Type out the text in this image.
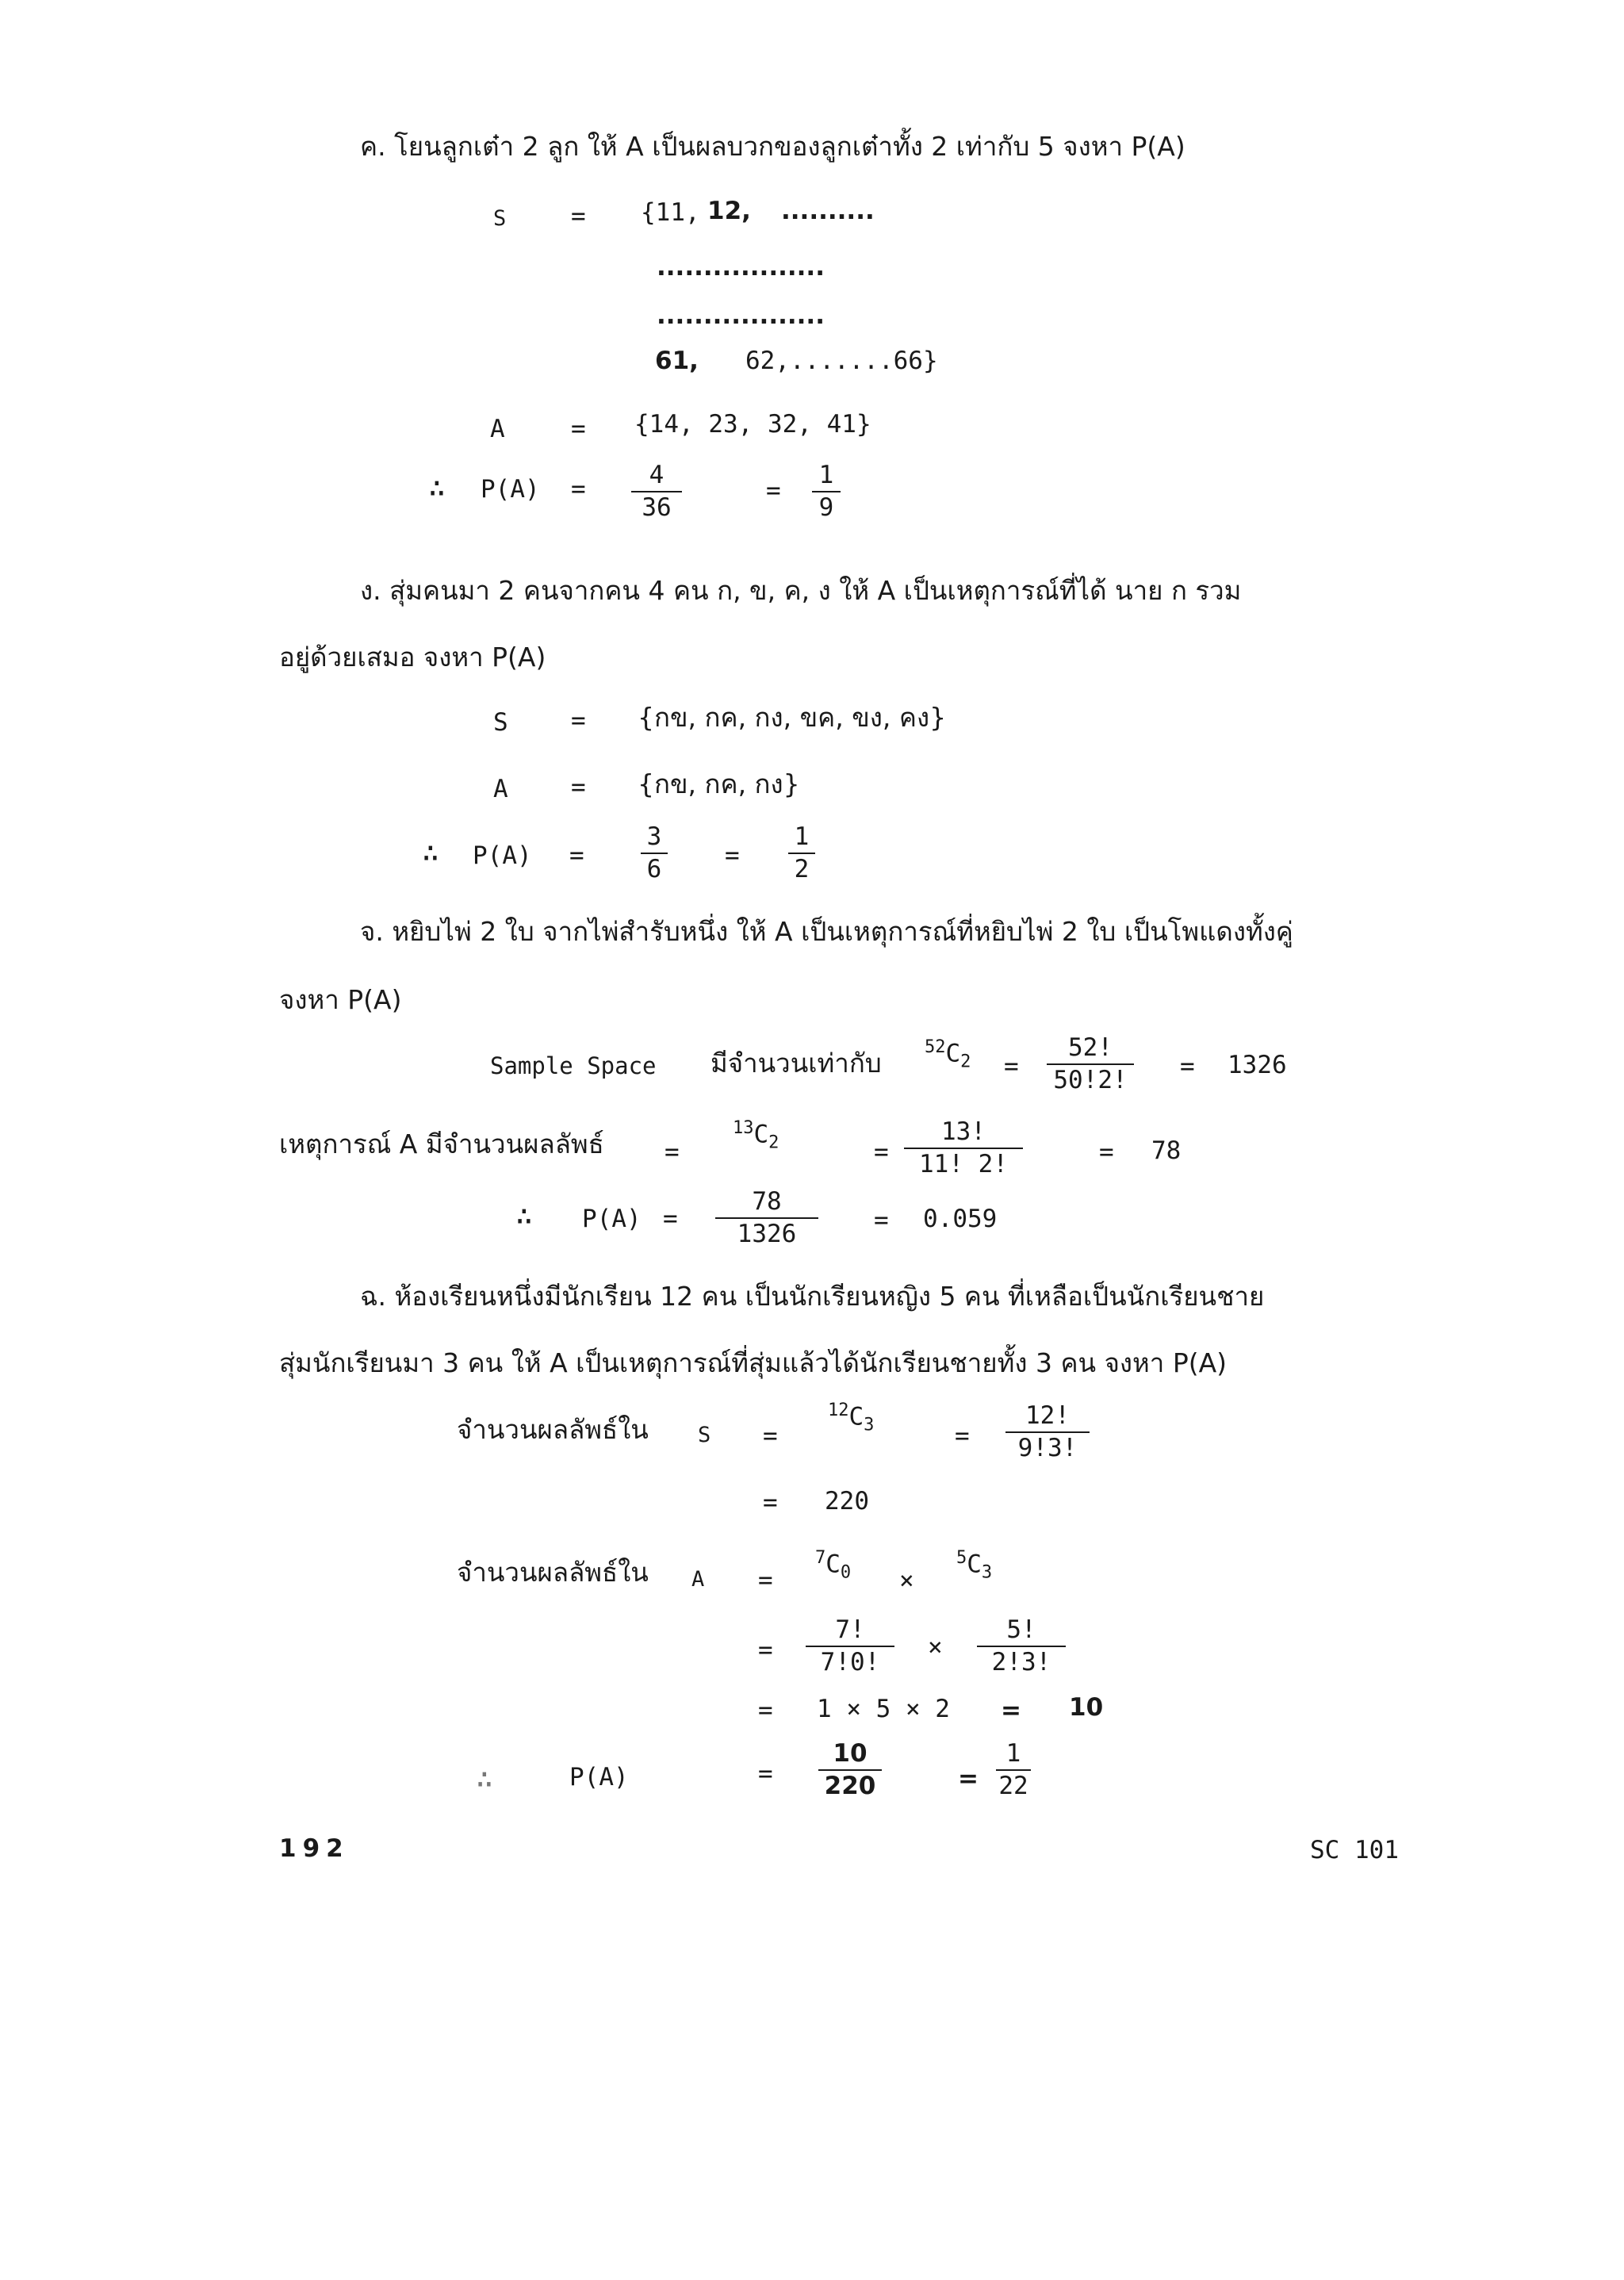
ค. โยนลูกเต๋า 2 ลูก ให้ A เป็นผลบวกของลูกเต๋าทั้ง 2 เท่ากับ 5 จงหา P(A)
S	= {11, 12, ..........
..................
..................
61, 62,.......66}
A	= {14, 23, 32, 41}
∴ $P(A) = \frac{4}{36}$	= $\frac{1}{9}$
ง. สุ่มคนมา 2 คนจากคน 4 คน ก, ข, ค, ง ให้ A เป็นเหตุการณ์ที่ได้ นาย ก รวม
อยู่ด้วยเสมอ จงหา P(A)
S	= {กข, กค, กง, ขค, ขง, คง}
A	= {กข, กค, กง}
∴ $P(A) = \frac{3}{6} = \frac{1}{2}$
จ. หยิบไพ่ 2 ใบ จากไพ่สำรับหนึ่ง ให้ A เป็นเหตุการณ์ที่หยิบไพ่ 2 ใบ เป็นโพแดงทั้งคู่
จงหา P(A)
Sample Space มีจำนวนเท่ากับ
$^{52}C_2 = \frac{52!}{50!2!} = 1326$
เหตุการณ์ A มีจำนวนผลลัพธ์ =
$^{13}C_2$	= $\frac{13!}{11! 2!}$	= 78
∴ $P(A) = \frac{78}{1326} = 0.059$
ฉ. ห้องเรียนหนึ่งมีนักเรียน 12 คน เป็นนักเรียนหญิง 5 คน ที่เหลือเป็นนักเรียนชาย
สุ่มนักเรียนมา 3 คน ให้ A เป็นเหตุการณ์ที่สุ่มแล้วได้นักเรียนชายทั้ง 3 คน จงหา P(A)
จำนวนผลลัพธ์ใน S =
$^{12}C_3$	= $\frac{12!}{9!3!}$
= 220
จำนวนผลลัพธ์ใน A =
$^7C_0$ ×
$^5C_3$
= $\frac{7!}{7!0!} \times \frac{5!}{2!3!}$
= 1 × 5 × 2 = 10
∴	P(A)	= $\frac{10}{220}$	= $\frac{1}{22}$
192	SC 101
